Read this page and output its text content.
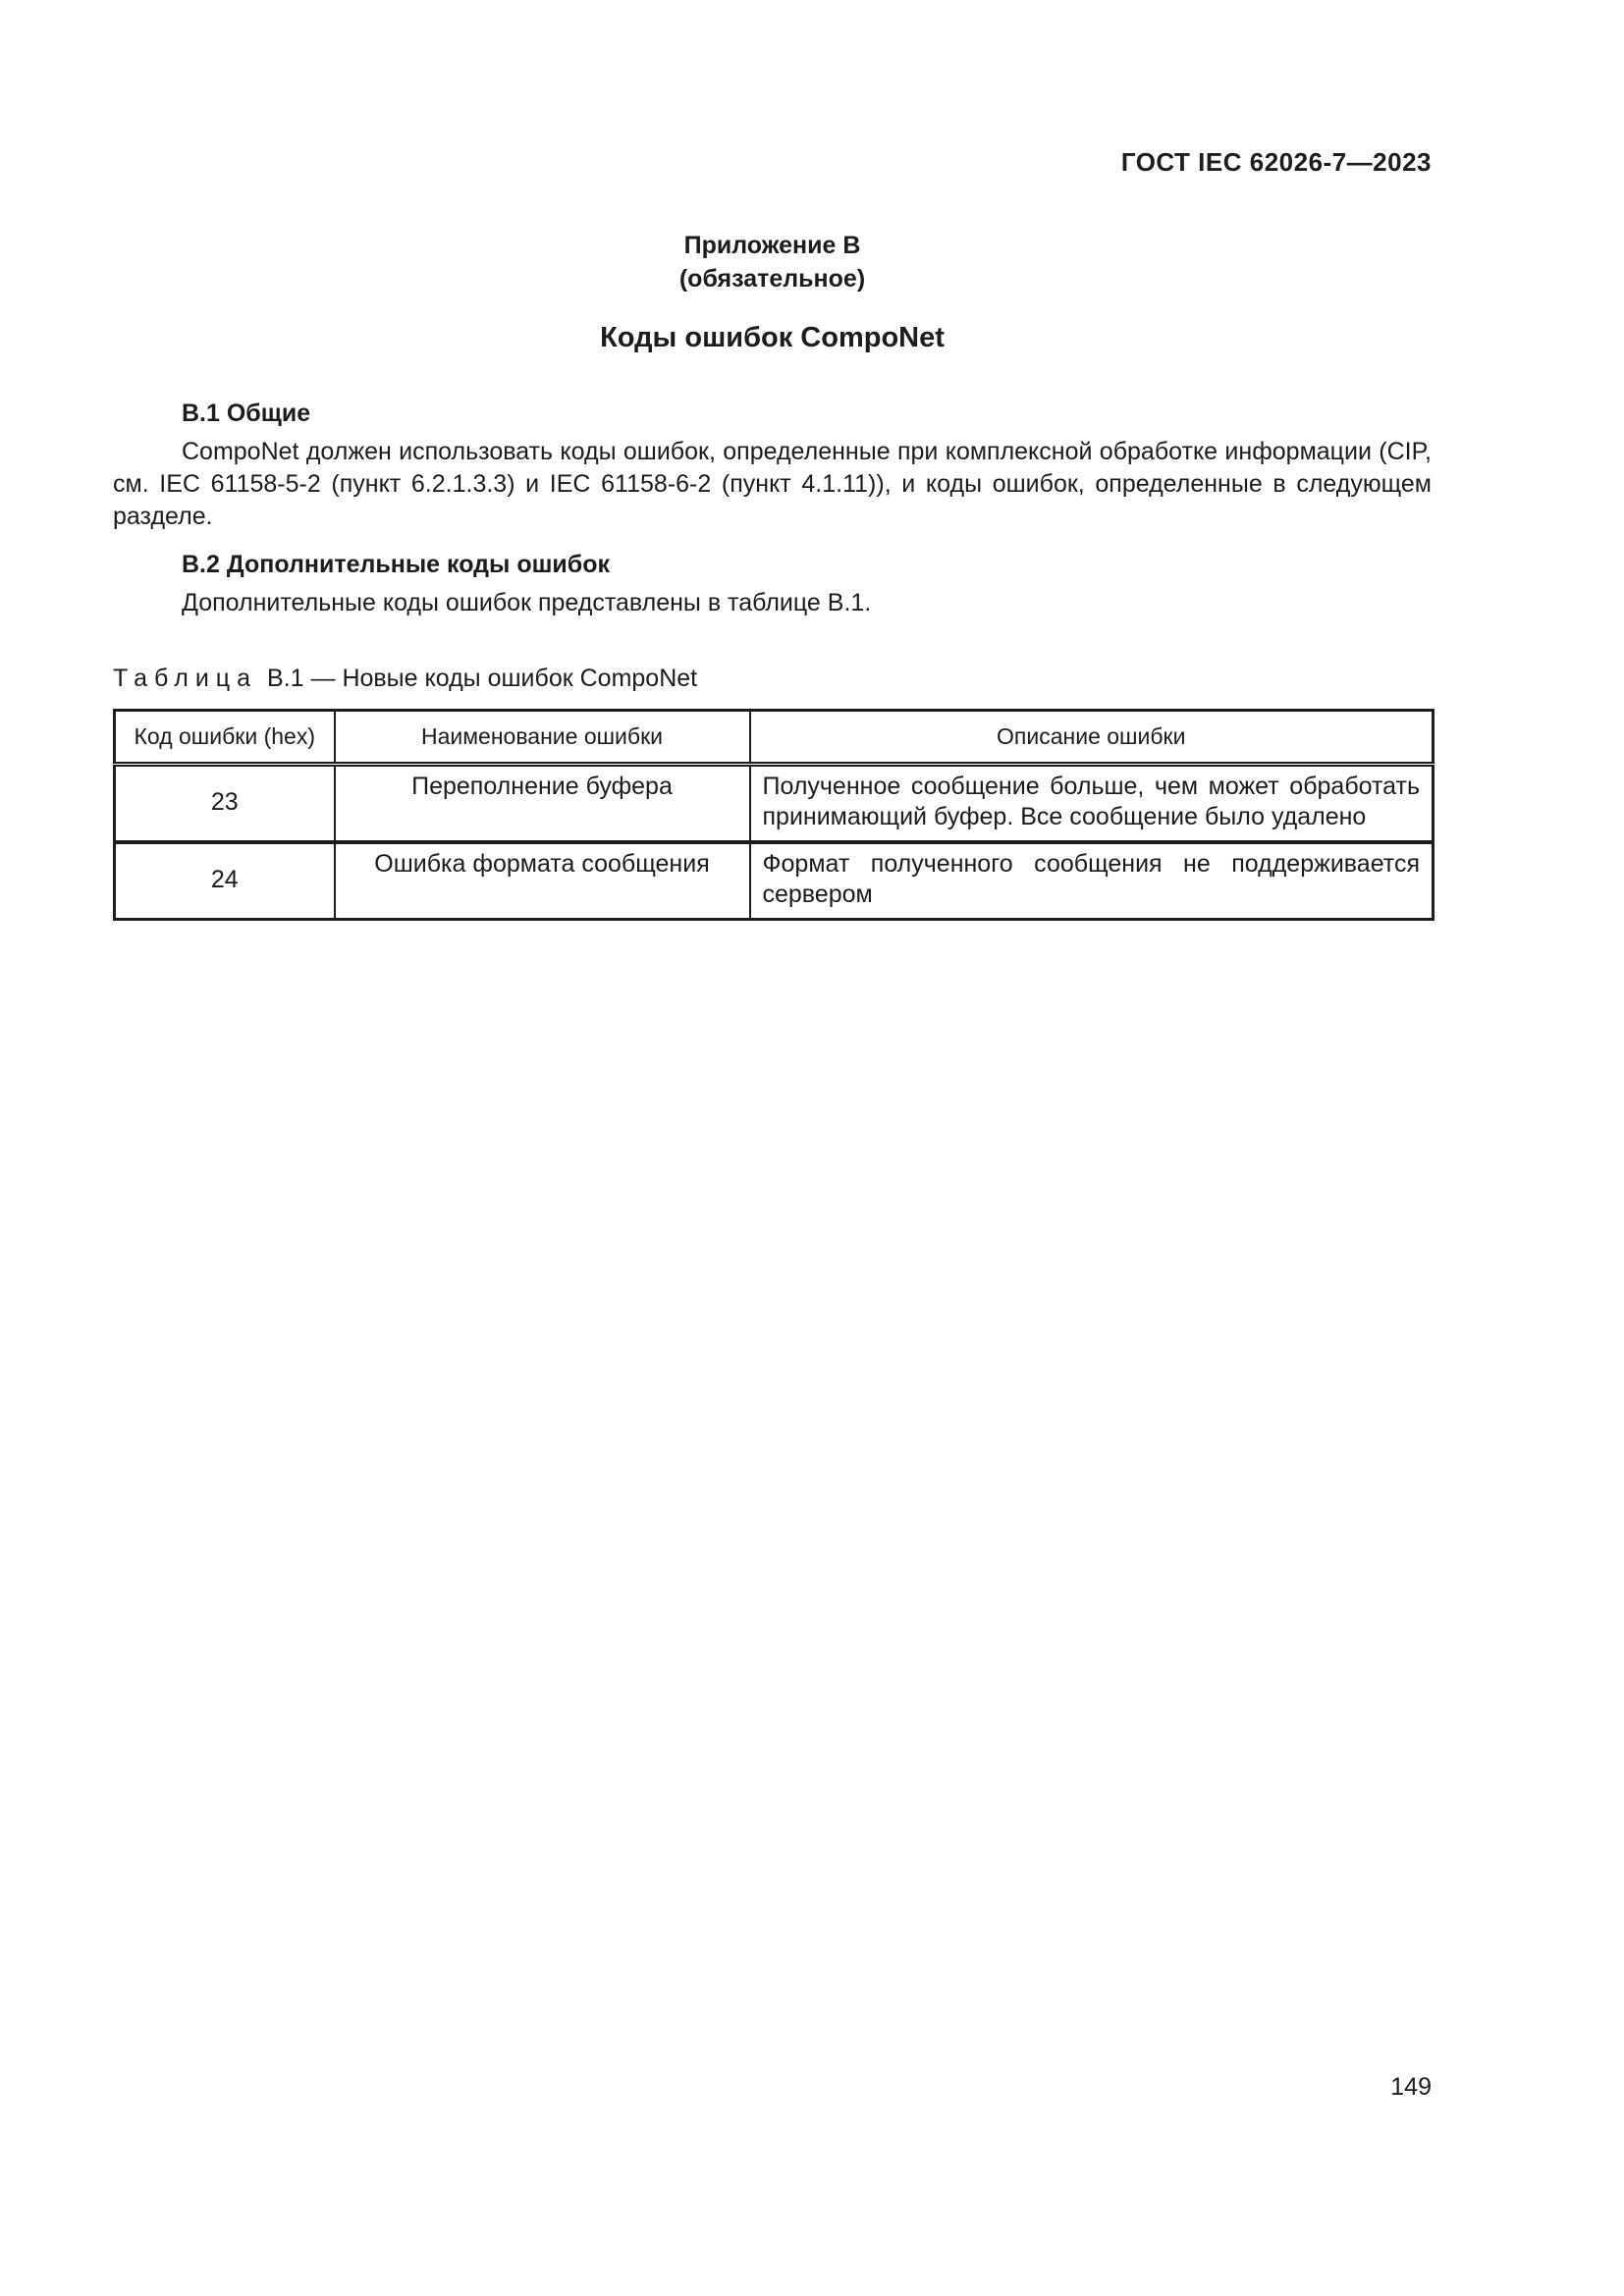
ГОСТ IEC 62026-7—2023
Приложение В
(обязательное)
Коды ошибок CompoNet
В.1 Общие

CompoNet должен использовать коды ошибок, определенные при комплексной обработке информации (CIP, см. IEC 61158-5-2 (пункт 6.2.1.3.3) и IEC 61158-6-2 (пункт 4.1.11)), и коды ошибок, определенные в следующем разделе.

В.2 Дополнительные коды ошибок

Дополнительные коды ошибок представлены в таблице В.1.

Таблица В.1 — Новые коды ошибок CompoNet
Код ошибки (hex)	Наименование ошибки	Описание ошибки
23	Переполнение буфера	Полученное сообщение больше, чем может обработать принимающий буфер. Все сообщение было удалено
24	Ошибка формата сообщения	Формат полученного сообщения не поддерживается сервером
149
